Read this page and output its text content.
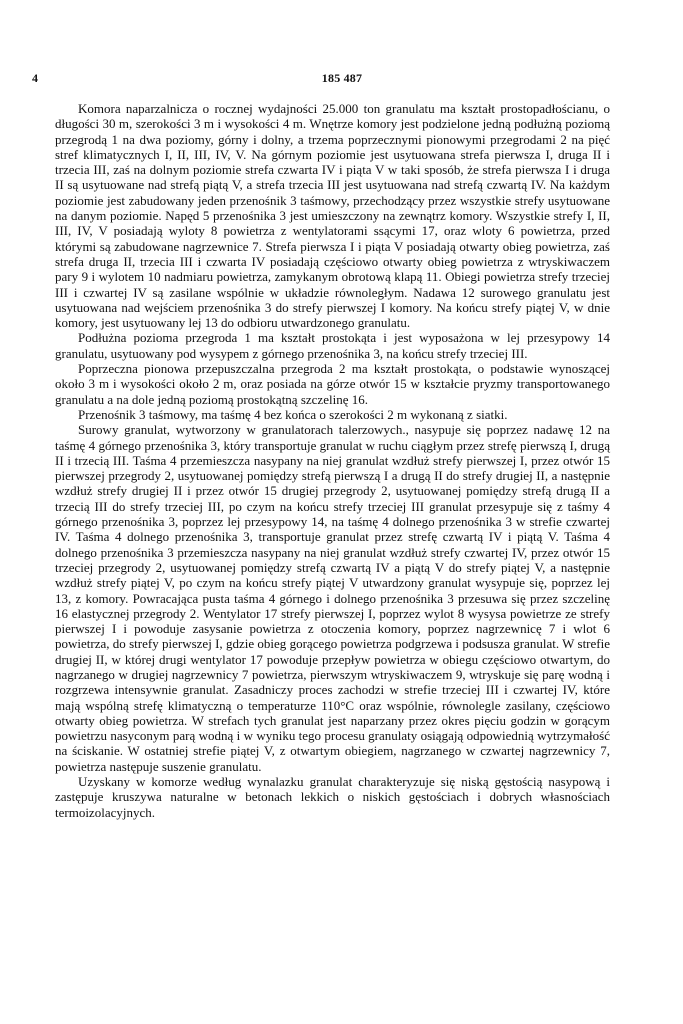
4	185 487

Komora naparzalnicza o rocznej wydajności 25.000 ton granulatu ma kształt prostopadłościanu, o długości 30 m, szerokości 3 m i wysokości 4 m. Wnętrze komory jest podzielone jedną podłużną poziomą przegrodą 1 na dwa poziomy, górny i dolny, a trzema poprzecznymi pionowymi przegrodami 2 na pięć stref klimatycznych I, II, III, IV, V. Na górnym poziomie jest usytuowana strefa pierwsza I, druga II i trzecia III, zaś na dolnym poziomie strefa czwarta IV i piąta V w taki sposób, że strefa pierwsza I i druga II są usytuowane nad strefą piątą V, a strefa trzecia III jest usytuowana nad strefą czwartą IV. Na każdym poziomie jest zabudowany jeden przenośnik 3 taśmowy, przechodzący przez wszystkie strefy usytuowane na danym poziomie. Napęd 5 przenośnika 3 jest umieszczony na zewnątrz komory. Wszystkie strefy I, II, III, IV, V posiadają wyloty 8 powietrza z wentylatorami ssącymi 17, oraz wloty 6 powietrza, przed którymi są zabudowane nagrzewnice 7. Strefa pierwsza I i piąta V posiadają otwarty obieg powietrza, zaś strefa druga II, trzecia III i czwarta IV posiadają częściowo otwarty obieg powietrza z wtryskiwaczem pary 9 i wylotem 10 nadmiaru powietrza, zamykanym obrotową klapą 11. Obiegi powietrza strefy trzeciej III i czwartej IV są zasilane wspólnie w układzie równoległym. Nadawa 12 surowego granulatu jest usytuowana nad wejściem przenośnika 3 do strefy pierwszej I komory. Na końcu strefy piątej V, w dnie komory, jest usytuowany lej 13 do odbioru utwardzonego granulatu.

Podłużna pozioma przegroda 1 ma kształt prostokąta i jest wyposażona w lej przesypowy 14 granulatu, usytuowany pod wysypem z górnego przenośnika 3, na końcu strefy trzeciej III.

Poprzeczna pionowa przepuszczalna przegroda 2 ma kształt prostokąta, o podstawie wynoszącej około 3 m i wysokości około 2 m, oraz posiada na górze otwór 15 w kształcie pryzmy transportowanego granulatu a na dole jedną poziomą prostokątną szczelinę 16.

Przenośnik 3 taśmowy, ma taśmę 4 bez końca o szerokości 2 m wykonaną z siatki.

Surowy granulat, wytworzony w granulatorach talerzowych., nasypuje się poprzez nadawę 12 na taśmę 4 górnego przenośnika 3, który transportuje granulat w ruchu ciągłym przez strefę pierwszą I, drugą II i trzecią III. Taśma 4 przemieszcza nasypany na niej granulat wzdłuż strefy pierwszej I, przez otwór 15 pierwszej przegrody 2, usytuowanej pomiędzy strefą pierwszą I a drugą II do strefy drugiej II, a następnie wzdłuż strefy drugiej II i przez otwór 15 drugiej przegrody 2, usytuowanej pomiędzy strefą drugą II a trzecią III do strefy trzeciej III, po czym na końcu strefy trzeciej III granulat przesypuje się z taśmy 4 górnego przenośnika 3, poprzez lej przesypowy 14, na taśmę 4 dolnego przenośnika 3 w strefie czwartej IV. Taśma 4 dolnego przenośnika 3, transportuje granulat przez strefę czwartą IV i piątą V. Taśma 4 dolnego przenośnika 3 przemieszcza nasypany na niej granulat wzdłuż strefy czwartej IV, przez otwór 15 trzeciej przegrody 2, usytuowanej pomiędzy strefą czwartą IV a piątą V do strefy piątej V, a następnie wzdłuż strefy piątej V, po czym na końcu strefy piątej V utwardzony granulat wysypuje się, poprzez lej 13, z komory. Powracająca pusta taśma 4 górnego i dolnego przenośnika 3 przesuwa się przez szczelinę 16 elastycznej przegrody 2. Wentylator 17 strefy pierwszej I, poprzez wylot 8 wysysa powietrze ze strefy pierwszej I i powoduje zasysanie powietrza z otoczenia komory, poprzez nagrzewnicę 7 i wlot 6 powietrza, do strefy pierwszej I, gdzie obieg gorącego powietrza podgrzewa i podsusza granulat. W strefie drugiej II, w której drugi wentylator 17 powoduje przepływ powietrza w obiegu częściowo otwartym, do nagrzanego w drugiej nagrzewnicy 7 powietrza, pierwszym wtryskiwaczem 9, wtryskuje się parę wodną i rozgrzewa intensywnie granulat. Zasadniczy proces zachodzi w strefie trzeciej III i czwartej IV, które mają wspólną strefę klimatyczną o temperaturze 110°C oraz wspólnie, równolegle zasilany, częściowo otwarty obieg powietrza. W strefach tych granulat jest naparzany przez okres pięciu godzin w gorącym powietrzu nasyconym parą wodną i w wyniku tego procesu granulaty osiągają odpowiednią wytrzymałość na ściskanie. W ostatniej strefie piątej V, z otwartym obiegiem, nagrzanego w czwartej nagrzewnicy 7, powietrza następuje suszenie granulatu.

Uzyskany w komorze według wynalazku granulat charakteryzuje się niską gęstością nasypową i zastępuje kruszywa naturalne w betonach lekkich o niskich gęstościach i dobrych własnościach termoizolacyjnych.
